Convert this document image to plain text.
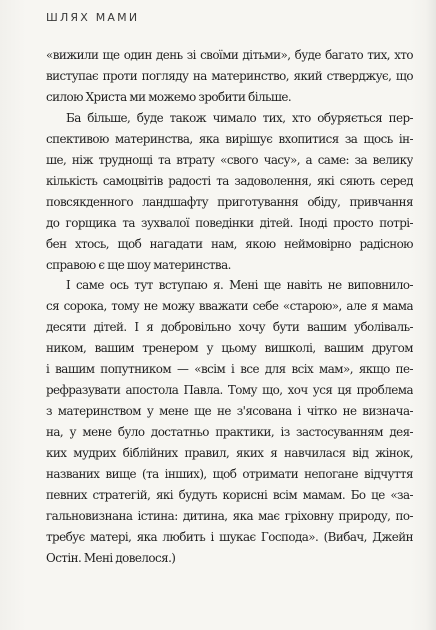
ШЛЯХ МАМИ
«вижили ще один день зі своїми дітьми», буде багато тих, хто
виступає проти погляду на материнство, який стверджує, що
силою Христа ми можемо зробити більше.
Ба більше, буде також чимало тих, хто обуряється пер-
спективою материнства, яка вирішує вхопитися за щось ін-
ше, ніж труднощі та втрату «свого часу», а саме: за велику
кількість самоцвітів радості та задоволення, які сяють серед
повсякденного ландшафту приготування обіду, привчання
до горщика та зухвалої поведінки дітей. Іноді просто потрі-
бен хтось, щоб нагадати нам, якою неймовірно радісною
справою є ще шоу материнства.
І саме ось тут вступаю я. Мені ще навіть не виповнило-
ся сорока, тому не можу вважати себе «старою», але я мама
десяти дітей. І я добровільно хочу бути вашим уболіваль-
ником, вашим тренером у цьому вишколі, вашим другом
і вашим попутником — «всім і все для всіх мам», якщо пе-
рефразувати апостола Павла. Тому що, хоч уся ця проблема
з материнством у мене ще не з'ясована і чітко не визнача-
на, у мене було достатньо практики, із застосуванням дея-
ких мудрих біблійних правил, яких я навчилася від жінок,
названих вище (та інших), щоб отримати непогане відчуття
певних стратегій, які будуть корисні всім мамам. Бо це «за-
гальновизнана істина: дитина, яка має гріховну природу, по-
требує матері, яка любить і шукає Господа». (Вибач, Джейн
Остін. Мені довелося.)
